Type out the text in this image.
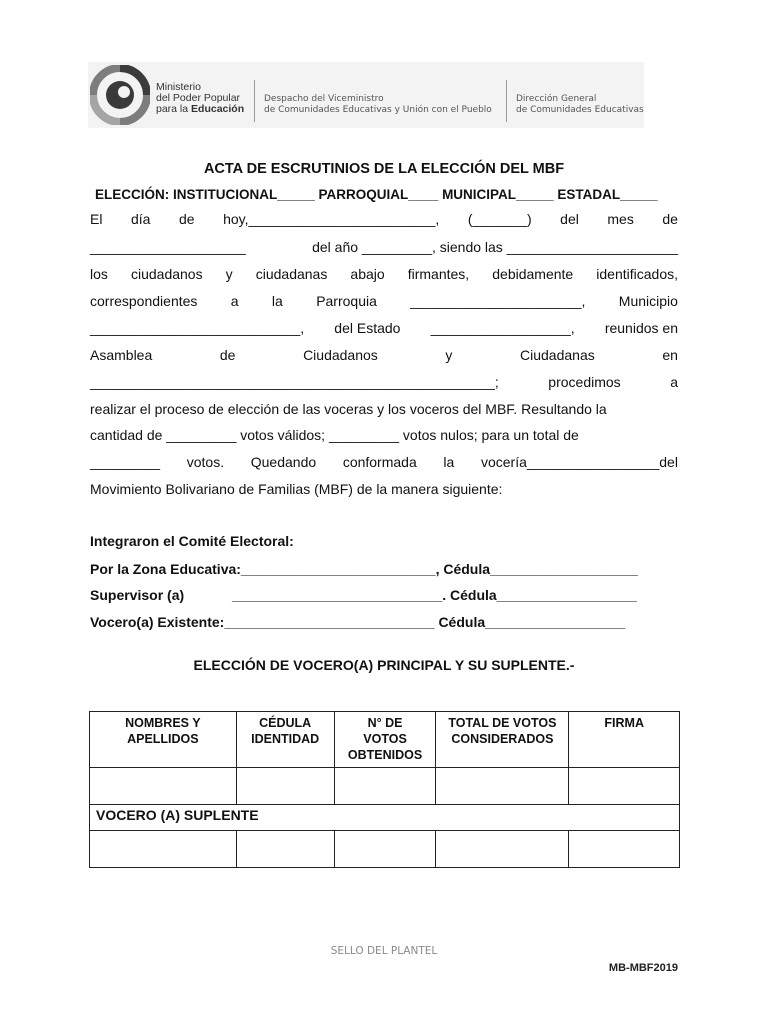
Ministerio
del Poder Popular
para la Educación
Despacho del Viceministro
de Comunidades Educativas y Unión con el Pueblo
Dirección General
de Comunidades Educativas
ACTA DE ESCRUTINIOS DE LA ELECCIÓN DEL MBF
ELECCIÓN: INSTITUCIONAL_____ PARROQUIAL____ MUNICIPAL_____ ESTADAL_____
El día de hoy,________________________, (_______) del mes de
____________________	del año _________, siendo las ______________________
los ciudadanos y ciudadanas abajo firmantes, debidamente identificados,
correspondientes a la Parroquia ______________________, Municipio
___________________________, del Estado __________________, reunidos en
Asamblea	de	Ciudadanos	y	Ciudadanas	en
____________________________________________________;	procedimos	a
realizar el proceso de elección de las voceras y los voceros del MBF. Resultando la
cantidad de _________ votos válidos; _________ votos nulos; para un total de
_________ votos. Quedando conformada la vocería_________________del
Movimiento Bolivariano de Familias (MBF) de la manera siguiente:
Integraron el Comité Electoral:
Por la Zona Educativa:_________________________, Cédula___________________
Supervisor (a)	___________________________. Cédula__________________
Vocero(a) Existente:___________________________ Cédula__________________
ELECCIÓN DE VOCERO(A) PRINCIPAL Y SU SUPLENTE.-
NOMBRES Y APELLIDOS	CÉDULA IDENTIDAD	N° DE VOTOS OBTENIDOS	TOTAL DE VOTOS CONSIDERADOS	FIRMA

VOCERO (A) SUPLENTE				

SELLO DEL PLANTEL
MB-MBF2019
